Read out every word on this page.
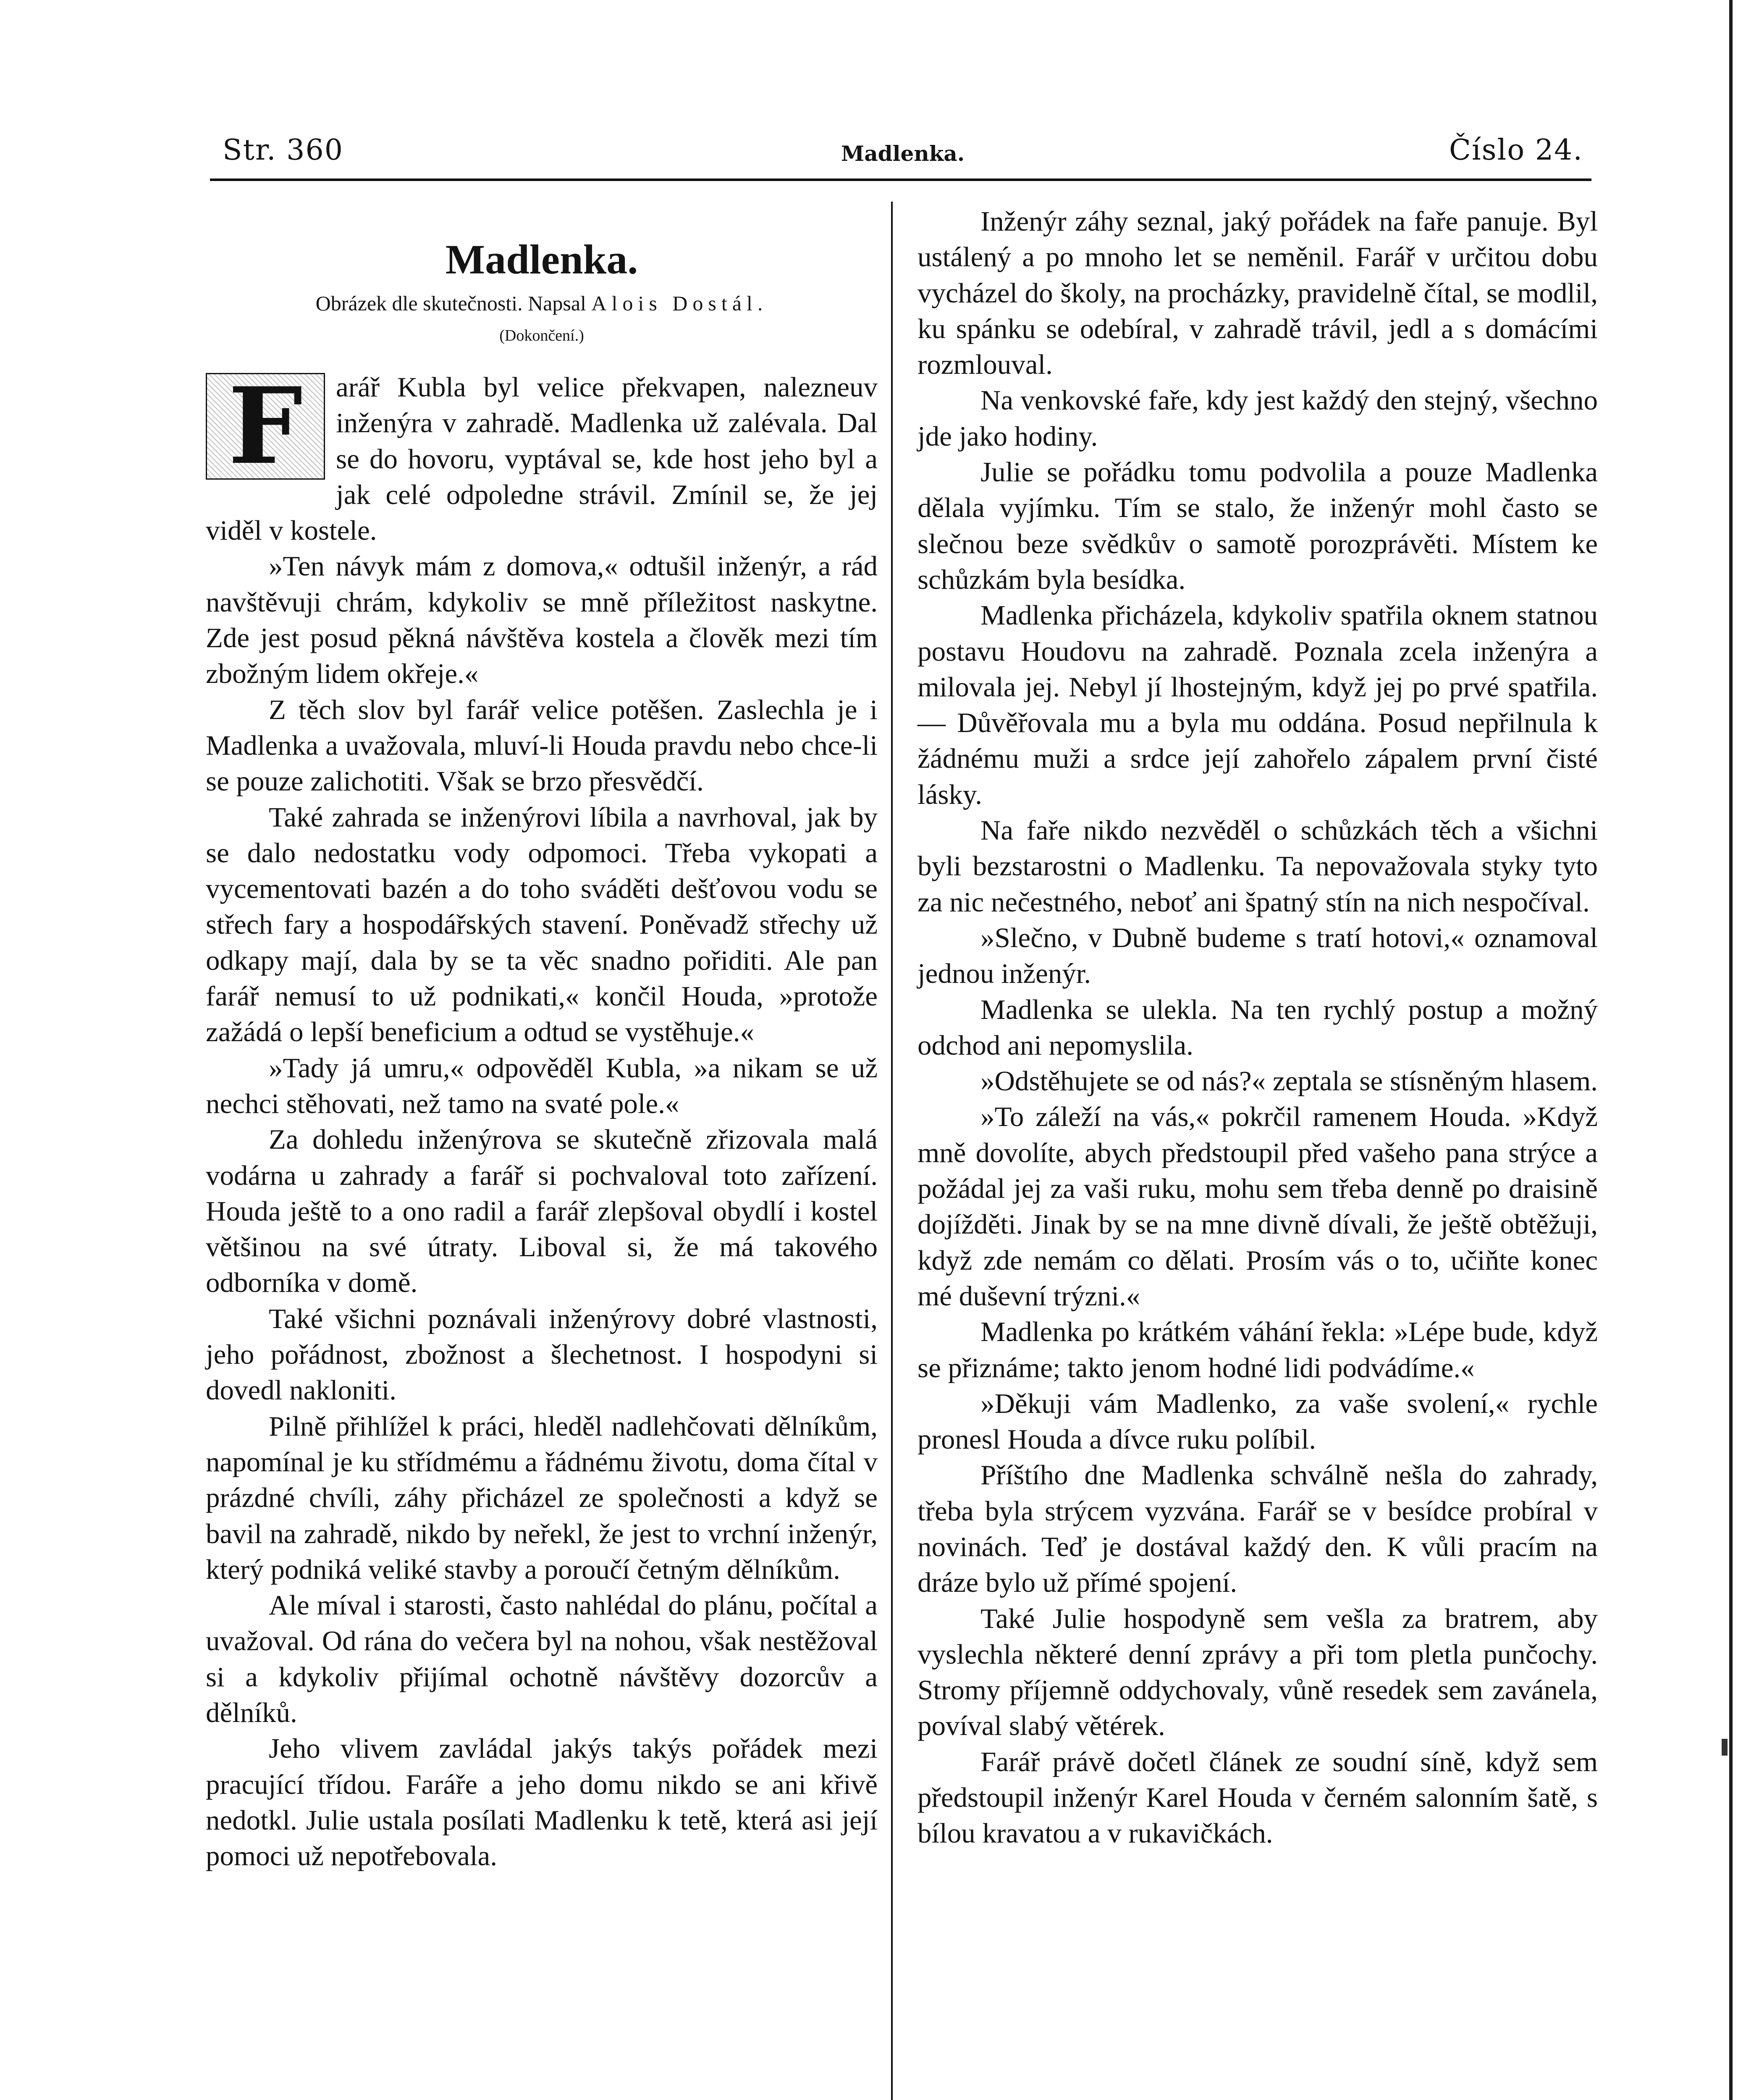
Str. 360	Madlenka.	Číslo 24.
Madlenka.
Obrázek dle skutečnosti. Napsal Alois Dostál.
(Dokončení.)
F	arář Kubla byl velice překvapen, nalezneuv inženýra v zahradě. Madlenka už zalévala. Dal se do hovoru, vyptával se, kde host jeho byl a jak celé odpoledne strávil. Zmínil se, že jej viděl v kostele.

»Ten návyk mám z domova,« odtušil inženýr, a rád navštěvuji chrám, kdykoliv se mně příležitost naskytne. Zde jest posud pěkná návštěva kostela a člověk mezi tím zbožným lidem okřeje.«

Z těch slov byl farář velice potěšen. Zaslechla je i Madlenka a uvažovala, mluví-li Houda pravdu nebo chce-li se pouze zalichotiti. Však se brzo přesvědčí.

Také zahrada se inženýrovi líbila a navrhoval, jak by se dalo nedostatku vody odpomoci. Třeba vykopati a vycementovati bazén a do toho sváděti dešťovou vodu se střech fary a hospodářských stavení. Poněvadž střechy už odkapy mají, dala by se ta věc snadno pořiditi. Ale pan farář nemusí to už podnikati,« končil Houda, »protože zažádá o lepší beneficium a odtud se vystěhuje.«

»Tady já umru,« odpověděl Kubla, »a nikam se už nechci stěhovati, než tamo na svaté pole.«

Za dohledu inženýrova se skutečně zřizovala malá vodárna u zahrady a farář si pochvaloval toto zařízení. Houda ještě to a ono radil a farář zlepšoval obydlí i kostel většinou na své útraty. Liboval si, že má takového odborníka v domě.

Také všichni poznávali inženýrovy dobré vlastnosti, jeho pořádnost, zbožnost a šlechetnost. I hospodyni si dovedl nakloniti.

Pilně přihlížel k práci, hleděl nadlehčovati dělníkům, napomínal je ku střídmému a řádnému životu, doma čítal v prázdné chvíli, záhy přicházel ze společnosti a když se bavil na zahradě, nikdo by neřekl, že jest to vrchní inženýr, který podniká veliké stavby a poroučí četným dělníkům.

Ale míval i starosti, často nahlédal do plánu, počítal a uvažoval. Od rána do večera byl na nohou, však nestěžoval si a kdykoliv přijímal ochotně návštěvy dozorcův a dělníků.

Jeho vlivem zavládal jakýs takýs pořádek mezi pracující třídou. Faráře a jeho domu nikdo se ani křivě nedotkl. Julie ustala posílati Madlenku k tetě, která asi její pomoci už nepotřebovala.

Inženýr záhy seznal, jaký pořádek na faře panuje. Byl ustálený a po mnoho let se neměnil. Farář v určitou dobu vycházel do školy, na procházky, pravidelně čítal, se modlil, ku spánku se odebíral, v zahradě trávil, jedl a s domácími rozmlouval.

Na venkovské faře, kdy jest každý den stejný, všechno jde jako hodiny.

Julie se pořádku tomu podvolila a pouze Madlenka dělala vyjímku. Tím se stalo, že inženýr mohl často se slečnou beze svědkův o samotě porozprávěti. Místem ke schůzkám byla besídka.

Madlenka přicházela, kdykoliv spatřila oknem statnou postavu Houdovu na zahradě. Poznala zcela inženýra a milovala jej. Nebyl jí lhostejným, když jej po prvé spatřila. — Důvěřovala mu a byla mu oddána. Posud nepřilnula k žádnému muži a srdce její zahořelo zápalem první čisté lásky.

Na faře nikdo nezvěděl o schůzkách těch a všichni byli bezstarostni o Madlenku. Ta nepovažovala styky tyto za nic nečestného, neboť ani špatný stín na nich nespočíval.

»Slečno, v Dubně budeme s tratí hotovi,« oznamoval jednou inženýr.

Madlenka se ulekla. Na ten rychlý postup a možný odchod ani nepomyslila.

»Odstěhujete se od nás?« zeptala se stísněným hlasem.

»To záleží na vás,« pokrčil ramenem Houda. »Když mně dovolíte, abych předstoupil před vašeho pana strýce a požádal jej za vaši ruku, mohu sem třeba denně po draisině dojížděti. Jinak by se na mne divně dívali, že ještě obtěžuji, když zde nemám co dělati. Prosím vás o to, učiňte konec mé duševní trýzni.«

Madlenka po krátkém váhání řekla: »Lépe bude, když se přiznáme; takto jenom hodné lidi podvádíme.«

»Děkuji vám Madlenko, za vaše svolení,« rychle pronesl Houda a dívce ruku políbil.

Příštího dne Madlenka schválně nešla do zahrady, třeba byla strýcem vyzvána. Farář se v besídce probíral v novinách. Teď je dostával každý den. K vůli pracím na dráze bylo už přímé spojení.

Také Julie hospodyně sem vešla za bratrem, aby vyslechla některé denní zprávy a při tom pletla punčochy. Stromy příjemně oddychovaly, vůně resedek sem zavánela, povíval slabý větérek.

Farář právě dočetl článek ze soudní síně, když sem předstoupil inženýr Karel Houda v černém salonním šatě, s bílou kravatou a v rukavičkách.
